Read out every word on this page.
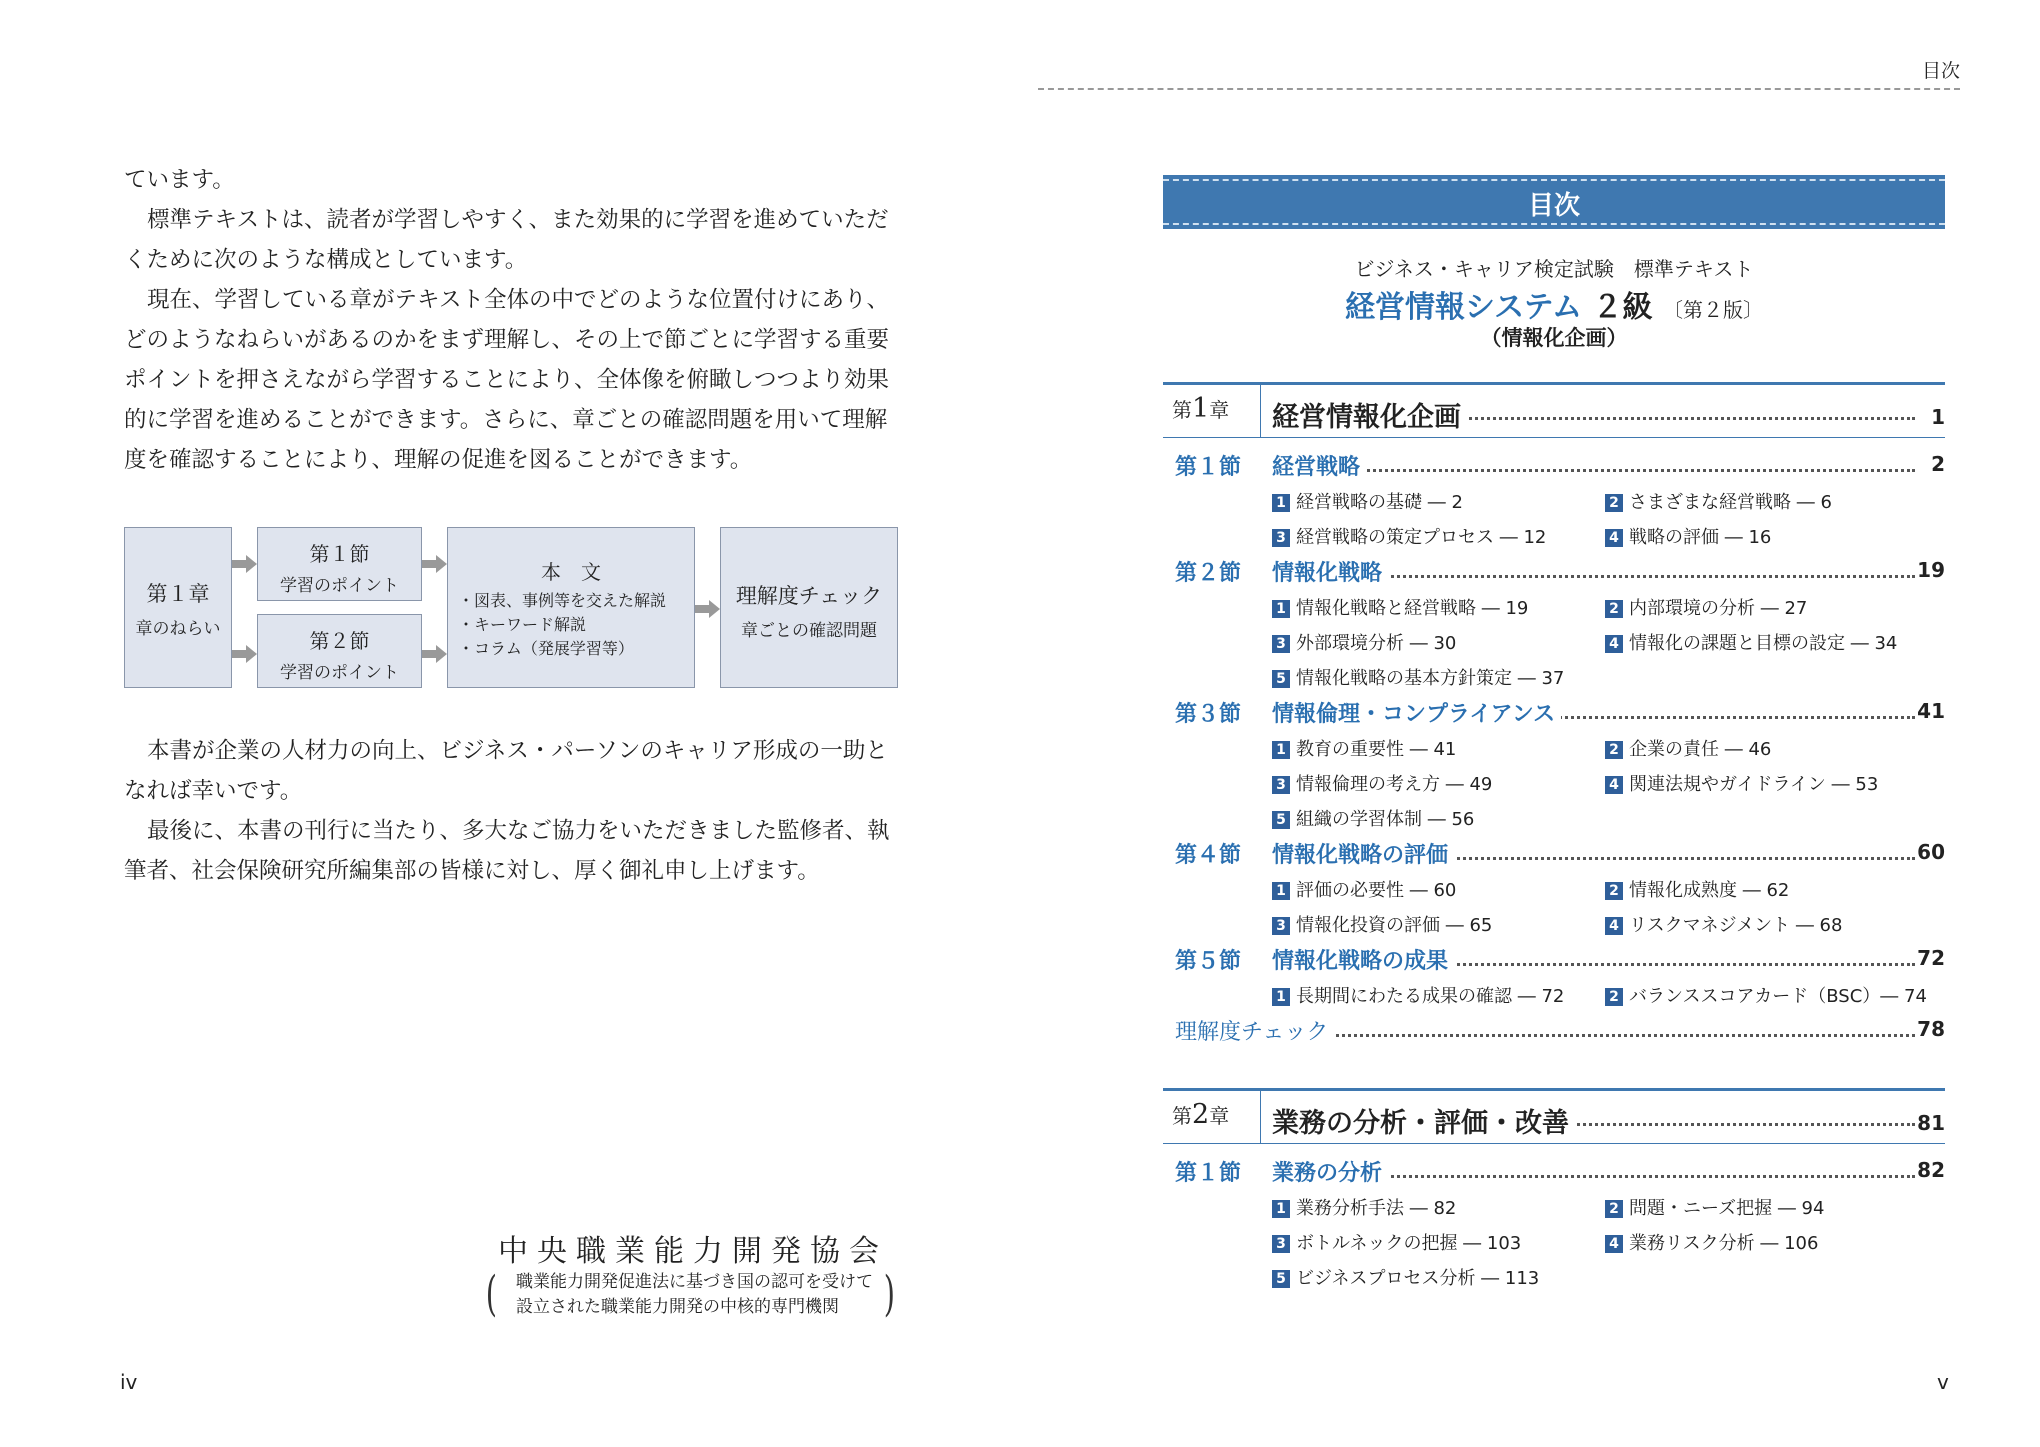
ています。

標準テキストは、読者が学習しやすく、また効果的に学習を進めていただくために次のような構成としています。

現在、学習している章がテキスト全体の中でどのような位置付けにあり、どのようなねらいがあるのかをまず理解し、その上で節ごとに学習する重要ポイントを押さえながら学習することにより、全体像を俯瞰しつつより効果的に学習を進めることができます。さらに、章ごとの確認問題を用いて理解度を確認することにより、理解の促進を図ることができます。

第１章
章のねらい
第１節
学習のポイント
第２節
学習のポイント
本　文
・図表、事例等を交えた解説
・キーワード解説
・コラム（発展学習等）
理解度チェック
章ごとの確認問題

本書が企業の人材力の向上、ビジネス・パーソンのキャリア形成の一助となれば幸いです。

最後に、本書の刊行に当たり、多大なご協力をいただきました監修者、執筆者、社会保険研究所編集部の皆様に対し、厚く御礼申し上げます。

中央職業能力開発協会
( 職業能力開発促進法に基づき国の認可を受けて
設立された職業能力開発の中核的専門機関 )
iv
目次
目次
ビジネス・キャリア検定試験　標準テキスト
経営情報システム ２級 〔第２版〕
（情報化企画）
第1章 経営情報化企画	1
第１節 経営戦略	2
1 経営戦略の基礎 ― 2	2 さまざまな経営戦略 ― 6
3 経営戦略の策定プロセス ― 12	4 戦略の評価 ― 16
第２節 情報化戦略	19
1 情報化戦略と経営戦略 ― 19	2 内部環境の分析 ― 27
3 外部環境分析 ― 30	4 情報化の課題と目標の設定 ― 34
5 情報化戦略の基本方針策定 ― 37
第３節 情報倫理・コンプライアンス	41
1 教育の重要性 ― 41	2 企業の責任 ― 46
3 情報倫理の考え方 ― 49	4 関連法規やガイドライン ― 53
5 組織の学習体制 ― 56
第４節 情報化戦略の評価	60
1 評価の必要性 ― 60	2 情報化成熟度 ― 62
3 情報化投資の評価 ― 65	4 リスクマネジメント ― 68
第５節 情報化戦略の成果	72
1 長期間にわたる成果の確認 ― 72	2 バランススコアカード（BSC）― 74
理解度チェック	78
第2章 業務の分析・評価・改善	81
第１節 業務の分析	82
1 業務分析手法 ― 82	2 問題・ニーズ把握 ― 94
3 ボトルネックの把握 ― 103	4 業務リスク分析 ― 106
5 ビジネスプロセス分析 ― 113
v
